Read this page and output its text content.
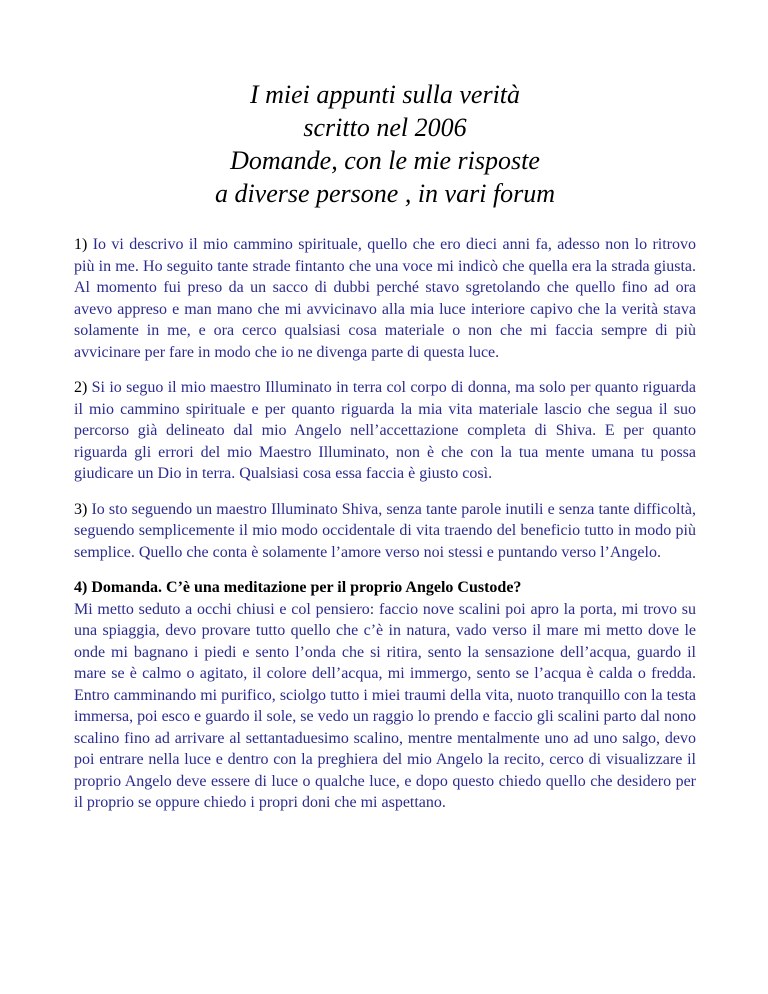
I miei appunti sulla verità
scritto nel 2006
Domande, con le mie risposte
a diverse persone , in vari forum

1) Io vi descrivo il mio cammino spirituale, quello che ero dieci anni fa, adesso non lo ritrovo più in me. Ho seguito tante strade fintanto che una voce mi indicò che quella era la strada giusta. Al momento fui preso da un sacco di dubbi perché stavo sgretolando che quello fino ad ora avevo appreso e man mano che mi avvicinavo alla mia luce interiore capivo che la verità stava solamente in me, e ora cerco qualsiasi cosa materiale o non che mi faccia sempre di più avvicinare per fare in modo che io ne divenga parte di questa luce.

2) Si io seguo il mio maestro Illuminato in terra col corpo di donna, ma solo per quanto riguarda il mio cammino spirituale e per quanto riguarda la mia vita materiale lascio che segua il suo percorso già delineato dal mio Angelo nell’accettazione completa di Shiva. E per quanto riguarda gli errori del mio Maestro Illuminato, non è che con la tua mente umana tu possa giudicare un Dio in terra. Qualsiasi cosa essa faccia è giusto così.

3) Io sto seguendo un maestro Illuminato Shiva, senza tante parole inutili e senza tante difficoltà, seguendo semplicemente il mio modo occidentale di vita traendo del beneficio tutto in modo più semplice. Quello che conta è solamente l’amore verso noi stessi e puntando verso l’Angelo.

4) Domanda. C’è una meditazione per il proprio Angelo Custode?
Mi metto seduto a occhi chiusi e col pensiero: faccio nove scalini poi apro la porta, mi trovo su una spiaggia, devo provare tutto quello che c’è in natura, vado verso il mare mi metto dove le onde mi bagnano i piedi e sento l’onda che si ritira, sento la sensazione dell’acqua, guardo il mare se è calmo o agitato, il colore dell’acqua, mi immergo, sento se l’acqua è calda o fredda. Entro camminando mi purifico, sciolgo tutto i miei traumi della vita, nuoto tranquillo con la testa immersa, poi esco e guardo il sole, se vedo un raggio lo prendo e faccio gli scalini parto dal nono scalino fino ad arrivare al settantaduesimo scalino, mentre mentalmente uno ad uno salgo, devo poi entrare nella luce e dentro con la preghiera del mio Angelo la recito, cerco di visualizzare il proprio Angelo deve essere di luce o qualche luce, e dopo questo chiedo quello che desidero per il proprio se oppure chiedo i propri doni che mi aspettano.
